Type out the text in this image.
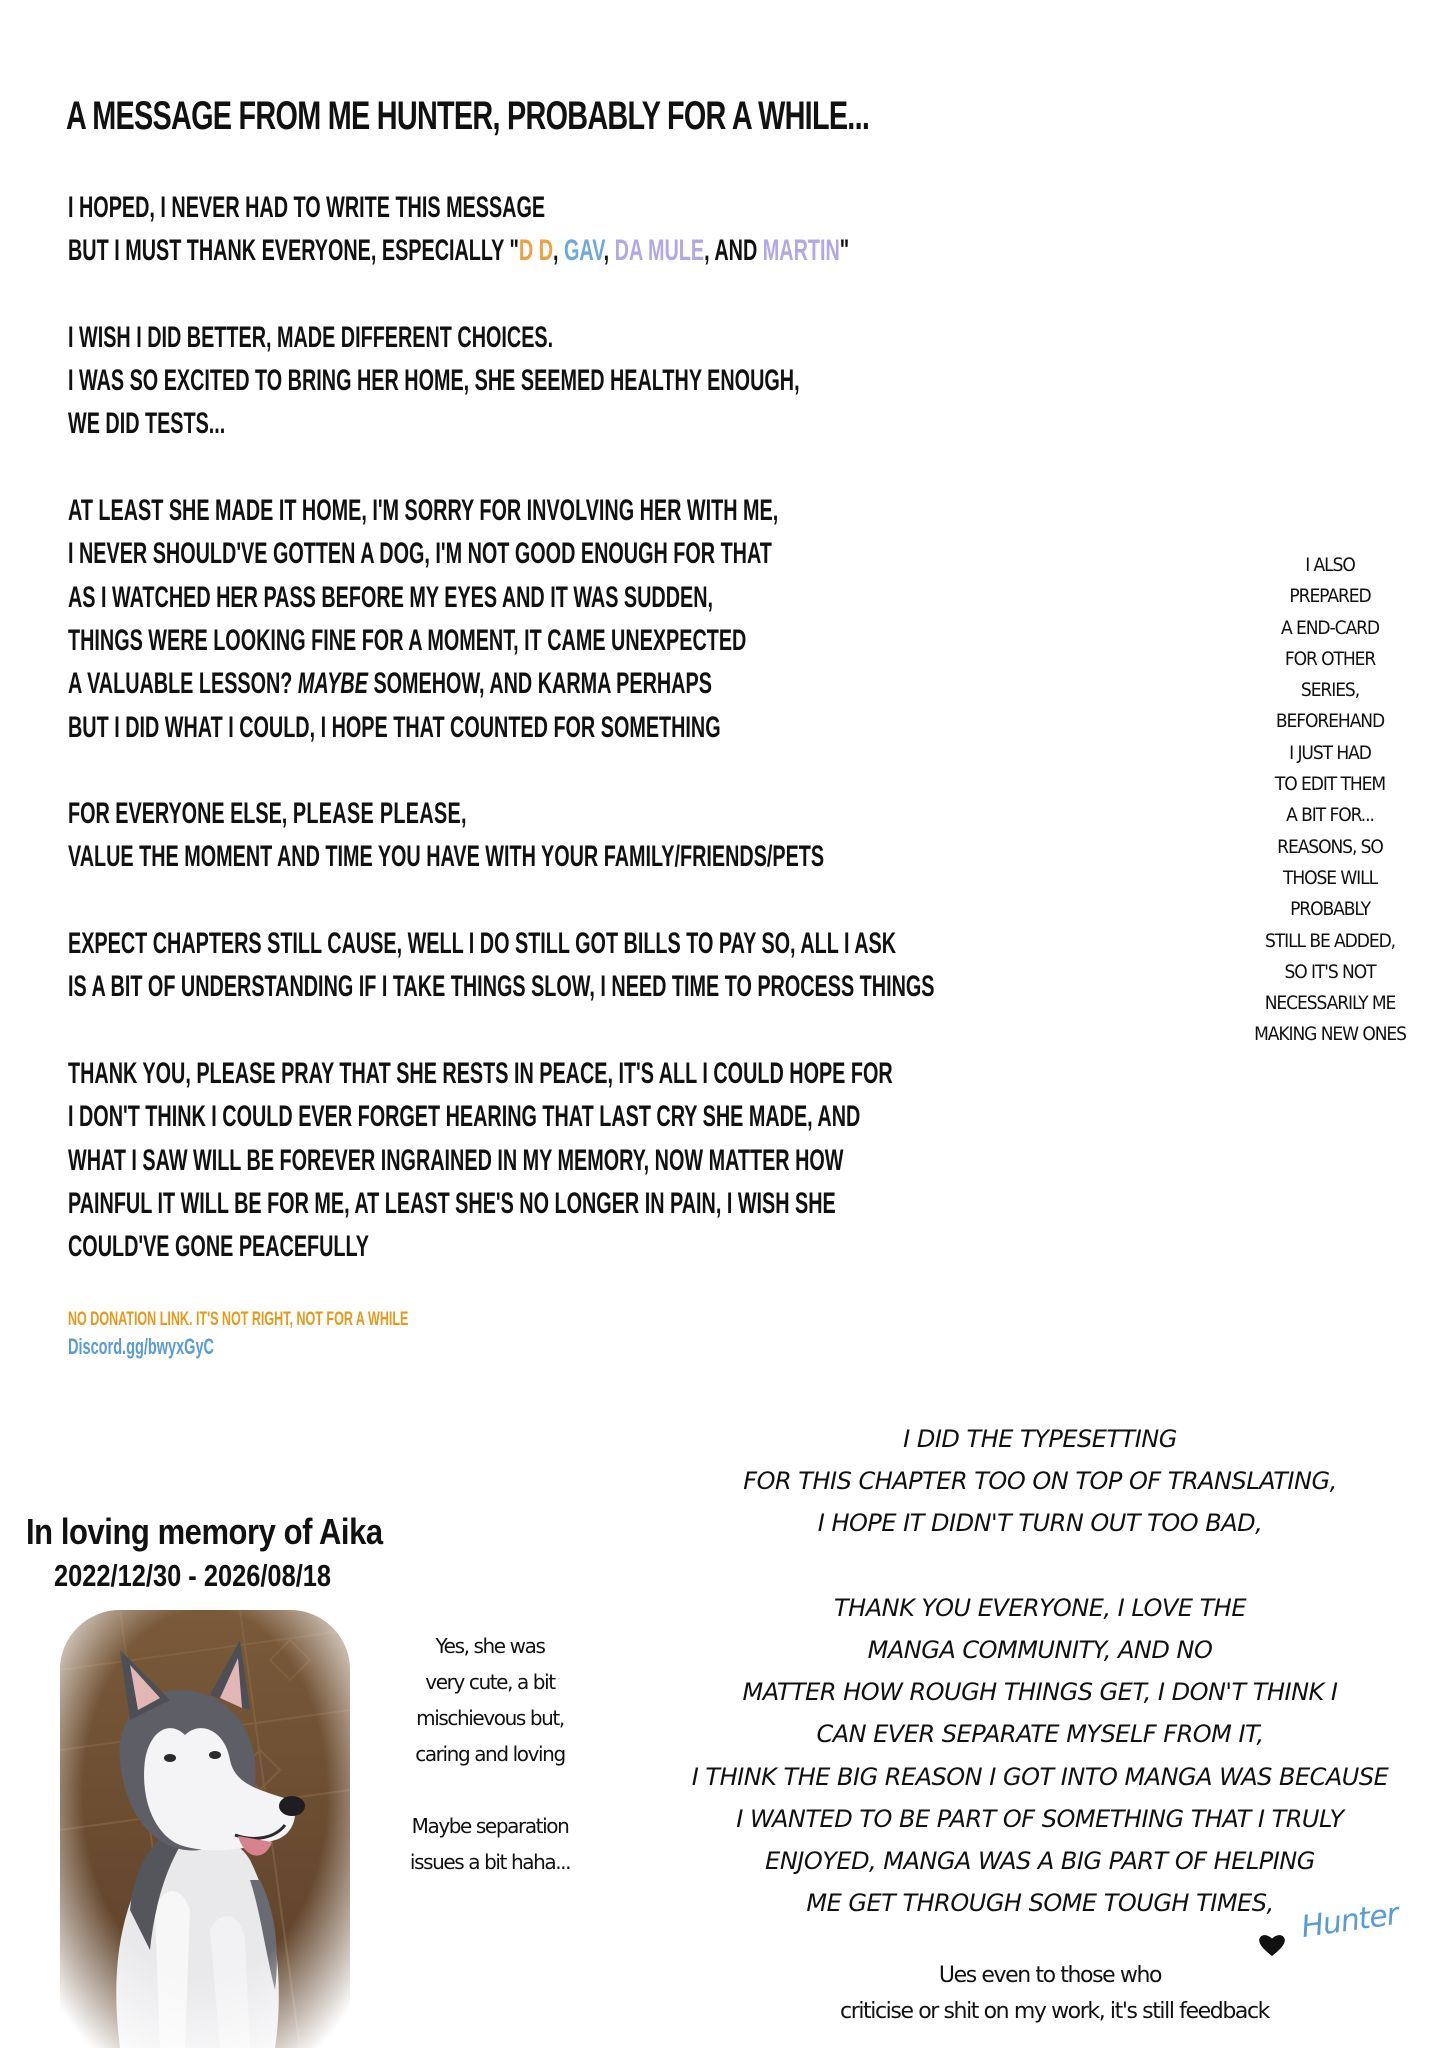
A MESSAGE FROM ME HUNTER, PROBABLY FOR A WHILE...
I HOPED, I NEVER HAD TO WRITE THIS MESSAGE
BUT I MUST THANK EVERYONE, ESPECIALLY "D D, GAV, DA MULE, AND MARTIN"
I WISH I DID BETTER, MADE DIFFERENT CHOICES.
I WAS SO EXCITED TO BRING HER HOME, SHE SEEMED HEALTHY ENOUGH,
WE DID TESTS...
AT LEAST SHE MADE IT HOME, I'M SORRY FOR INVOLVING HER WITH ME,
I NEVER SHOULD'VE GOTTEN A DOG, I'M NOT GOOD ENOUGH FOR THAT
AS I WATCHED HER PASS BEFORE MY EYES AND IT WAS SUDDEN,
THINGS WERE LOOKING FINE FOR A MOMENT, IT CAME UNEXPECTED
A VALUABLE LESSON? MAYBE SOMEHOW, AND KARMA PERHAPS
BUT I DID WHAT I COULD, I HOPE THAT COUNTED FOR SOMETHING
FOR EVERYONE ELSE, PLEASE PLEASE,
VALUE THE MOMENT AND TIME YOU HAVE WITH YOUR FAMILY/FRIENDS/PETS
EXPECT CHAPTERS STILL CAUSE, WELL I DO STILL GOT BILLS TO PAY SO, ALL I ASK
IS A BIT OF UNDERSTANDING IF I TAKE THINGS SLOW, I NEED TIME TO PROCESS THINGS
THANK YOU, PLEASE PRAY THAT SHE RESTS IN PEACE, IT'S ALL I COULD HOPE FOR
I DON'T THINK I COULD EVER FORGET HEARING THAT LAST CRY SHE MADE, AND
WHAT I SAW WILL BE FOREVER INGRAINED IN MY MEMORY, NOW MATTER HOW
PAINFUL IT WILL BE FOR ME, AT LEAST SHE'S NO LONGER IN PAIN, I WISH SHE
COULD'VE GONE PEACEFULLY
NO DONATION LINK. IT'S NOT RIGHT, NOT FOR A WHILE
Discord.gg/bwyxGyC
I ALSO
PREPARED
A END-CARD
FOR OTHER
SERIES,
BEFOREHAND
I JUST HAD
TO EDIT THEM
A BIT FOR...
REASONS, SO
THOSE WILL
PROBABLY
STILL BE ADDED,
SO IT'S NOT
NECESSARILY ME
MAKING NEW ONES
I DID THE TYPESETTING
FOR THIS CHAPTER TOO ON TOP OF TRANSLATING,
I HOPE IT DIDN'T TURN OUT TOO BAD,
THANK YOU EVERYONE, I LOVE THE
MANGA COMMUNITY, AND NO
MATTER HOW ROUGH THINGS GET, I DON'T THINK I
CAN EVER SEPARATE MYSELF FROM IT,
I THINK THE BIG REASON I GOT INTO MANGA WAS BECAUSE
I WANTED TO BE PART OF SOMETHING THAT I TRULY
ENJOYED, MANGA WAS A BIG PART OF HELPING
ME GET THROUGH SOME TOUGH TIMES,
In loving memory of Aika
2022/12/30 - 2026/08/18
Yes, she was
very cute, a bit
mischievous but,
caring and loving
Maybe separation
issues a bit haha...
Hunter
Ues even to those who
criticise or shit on my work, it's still feedback
